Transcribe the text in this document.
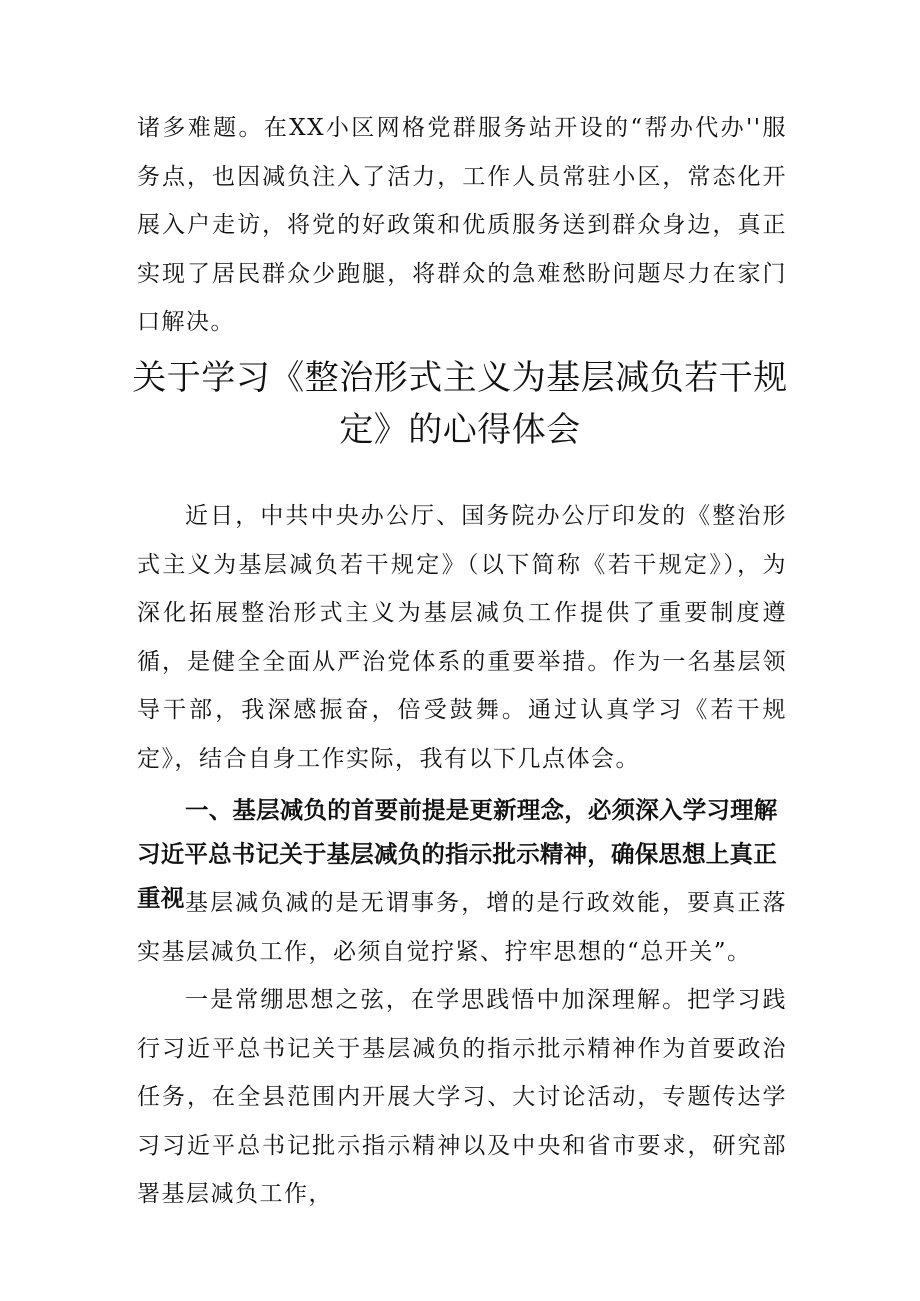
诸多难题。在XX小区网格党群服务站开设的“帮办代办''服务点，也因减负注入了活力，工作人员常驻小区，常态化开展入户走访，将党的好政策和优质服务送到群众身边，真正实现了居民群众少跑腿，将群众的急难愁盼问题尽力在家门口解决。

关于学习《整治形式主义为基层减负若干规定》的心得体会

近日，中共中央办公厅、国务院办公厅印发的《整治形式主义为基层减负若干规定》（以下简称《若干规定》），为深化拓展整治形式主义为基层减负工作提供了重要制度遵循，是健全全面从严治党体系的重要举措。作为一名基层领导干部，我深感振奋，倍受鼓舞。通过认真学习《若干规定》，结合自身工作实际，我有以下几点体会。

一、基层减负的首要前提是更新理念，必须深入学习理解习近平总书记关于基层减负的指示批示精神，确保思想上真正重视 基层减负减的是无谓事务，增的是行政效能，要真正落实基层减负工作，必须自觉拧紧、拧牢思想的“总开关”。

一是常绷思想之弦，在学思践悟中加深理解。把学习践行习近平总书记关于基层减负的指示批示精神作为首要政治任务，在全县范围内开展大学习、大讨论活动，专题传达学习习近平总书记批示指示精神以及中央和省市要求，研究部署基层减负工作，
